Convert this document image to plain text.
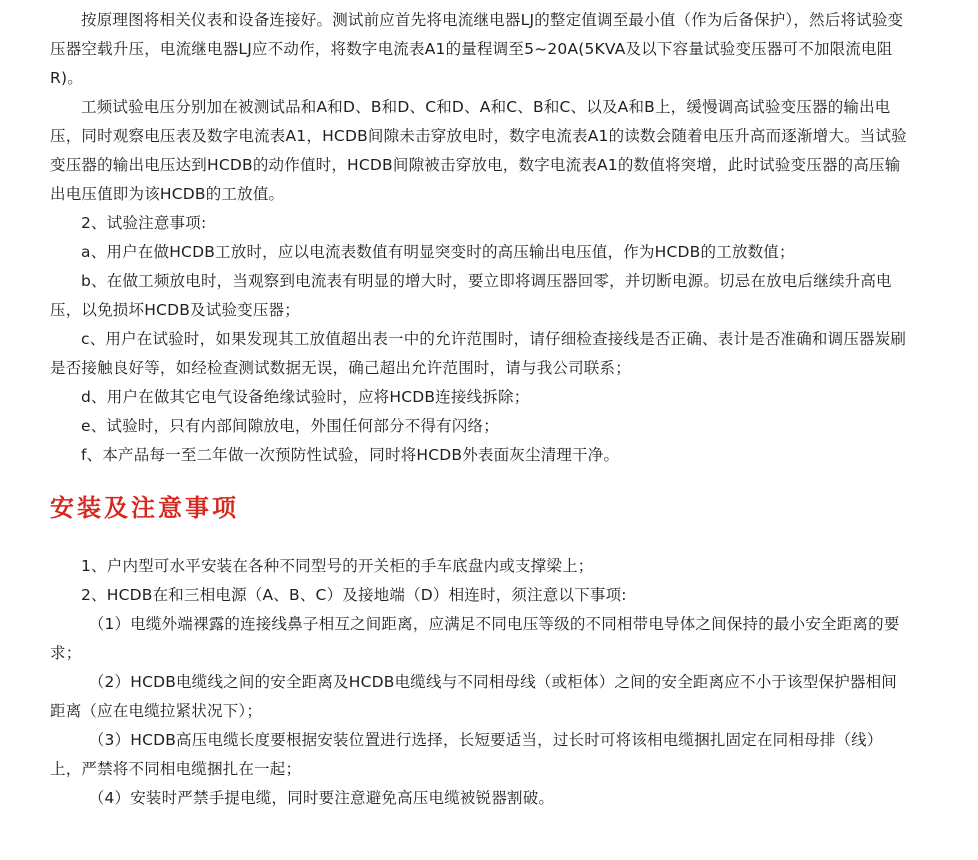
按原理图将相关仪表和设备连接好。测试前应首先将电流继电器LJ的整定值调至最小值（作为后备保护），然后将试验变压器空载升压，电流继电器LJ应不动作，将数字电流表A1的量程调至5~20A(5KVA及以下容量试验变压器可不加限流电阻R)。

工频试验电压分别加在被测试品和A和D、B和D、C和D、A和C、B和C、以及A和B上，缓慢调高试验变压器的输出电压，同时观察电压表及数字电流表A1，HCDB间隙未击穿放电时，数字电流表A1的读数会随着电压升高而逐渐增大。当试验变压器的输出电压达到HCDB的动作值时，HCDB间隙被击穿放电，数字电流表A1的数值将突增，此时试验变压器的高压输出电压值即为该HCDB的工放值。

2、试验注意事项:

a、用户在做HCDB工放时，应以电流表数值有明显突变时的高压输出电压值，作为HCDB的工放数值；

b、在做工频放电时，当观察到电流表有明显的增大时，要立即将调压器回零，并切断电源。切忌在放电后继续升高电压，以免损坏HCDB及试验变压器；

c、用户在试验时，如果发现其工放值超出表一中的允许范围时，请仔细检查接线是否正确、表计是否准确和调压器炭刷是否接触良好等，如经检查测试数据无误，确己超出允许范围时，请与我公司联系；

d、用户在做其它电气设备绝缘试验时，应将HCDB连接线拆除；

e、试验时，只有内部间隙放电，外围任何部分不得有闪络；

f、本产品每一至二年做一次预防性试验，同时将HCDB外表面灰尘清理干净。

安装及注意事项

1、户内型可水平安装在各种不同型号的开关柜的手车底盘内或支撑梁上；

2、HCDB在和三相电源（A、B、C）及接地端（D）相连时，须注意以下事项:

（1）电缆外端裸露的连接线鼻子相互之间距离，应满足不同电压等级的不同相带电导体之间保持的最小安全距离的要求；

（2）HCDB电缆线之间的安全距离及HCDB电缆线与不同相母线（或柜体）之间的安全距离应不小于该型保护器相间距离（应在电缆拉紧状况下）；

（3）HCDB高压电缆长度要根据安装位置进行选择，长短要适当，过长时可将该相电缆捆扎固定在同相母排（线）上，严禁将不同相电缆捆扎在一起；

（4）安装时严禁手提电缆，同时要注意避免高压电缆被锐器割破。
